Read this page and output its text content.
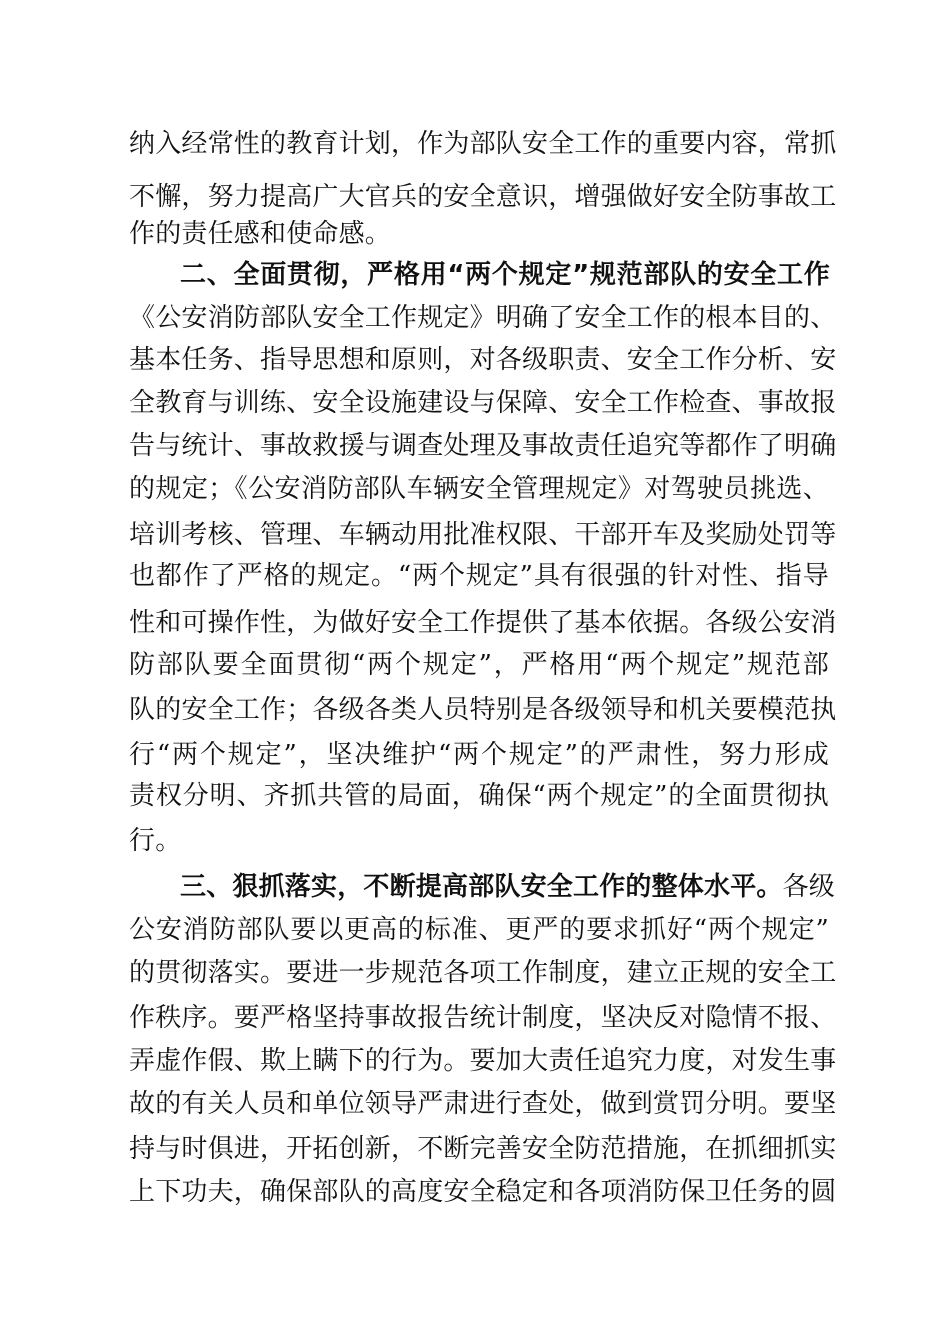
纳入经常性的教育计划，作为部队安全工作的重要内容，常抓
不懈，努力提高广大官兵的安全意识，增强做好安全防事故工
作的责任感和使命感。
二、全面贯彻，严格用“两个规定”规范部队的安全工作
《公安消防部队安全工作规定》明确了安全工作的根本目的、
基本任务、指导思想和原则，对各级职责、安全工作分析、安
全教育与训练、安全设施建设与保障、安全工作检查、事故报
告与统计、事故救援与调查处理及事故责任追究等都作了明确
的规定；《公安消防部队车辆安全管理规定》对驾驶员挑选、
培训考核、管理、车辆动用批准权限、干部开车及奖励处罚等
也都作了严格的规定。“两个规定”具有很强的针对性、指导
性和可操作性，为做好安全工作提供了基本依据。各级公安消
防部队要全面贯彻“两个规定”，严格用“两个规定”规范部
队的安全工作；各级各类人员特别是各级领导和机关要模范执
行“两个规定”，坚决维护“两个规定”的严肃性，努力形成
责权分明、齐抓共管的局面，确保“两个规定”的全面贯彻执
行。
三、狠抓落实，不断提高部队安全工作的整体水平。 各级
公安消防部队要以更高的标准、更严的要求抓好“两个规定”
的贯彻落实。要进一步规范各项工作制度，建立正规的安全工
作秩序。要严格坚持事故报告统计制度，坚决反对隐情不报、
弄虚作假、欺上瞒下的行为。要加大责任追究力度，对发生事
故的有关人员和单位领导严肃进行查处，做到赏罚分明。要坚
持与时俱进，开拓创新，不断完善安全防范措施，在抓细抓实
上下功夫，确保部队的高度安全稳定和各项消防保卫任务的圆
